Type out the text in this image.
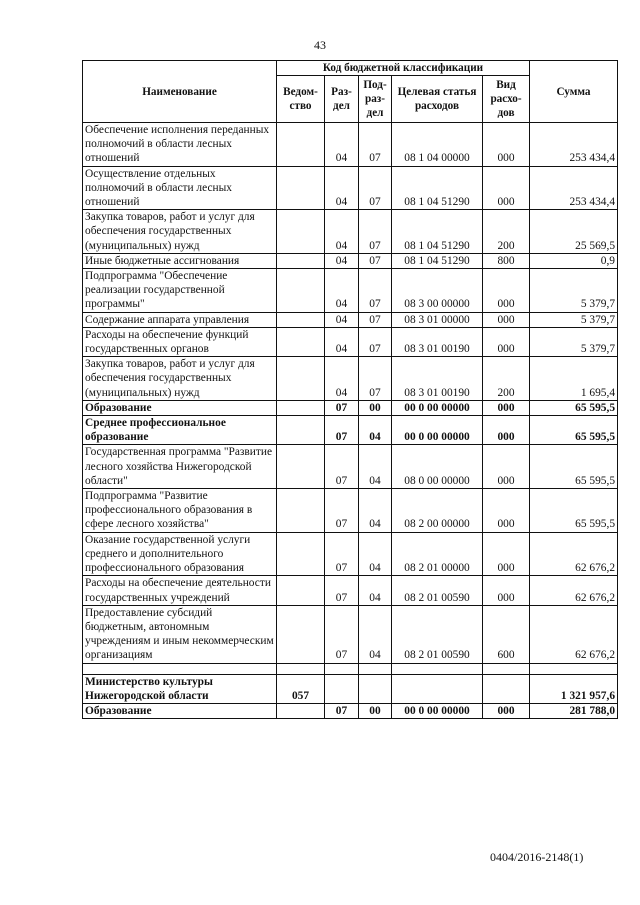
43
Наименование	Код бюджетной классификации					Сумма
	Ведом-ство	Раз-дел	Под-раз-дел	Целевая статья расходов	Вид расхо-дов	
Обеспечение исполнения переданных полномочий в области лесных отношений		04	07	08 1 04 00000	000	253 434,4
Осуществление отдельных полномочий в области лесных отношений		04	07	08 1 04 51290	000	253 434,4
Закупка товаров, работ и услуг для обеспечения государственных (муниципальных) нужд		04	07	08 1 04 51290	200	25 569,5
Иные бюджетные ассигнования		04	07	08 1 04 51290	800	0,9
Подпрограмма "Обеспечение реализации государственной программы"		04	07	08 3 00 00000	000	5 379,7
Содержание аппарата управления		04	07	08 3 01 00000	000	5 379,7
Расходы на обеспечение функций государственных органов		04	07	08 3 01 00190	000	5 379,7
Закупка товаров, работ и услуг для обеспечения государственных (муниципальных) нужд		04	07	08 3 01 00190	200	1 695,4
Образование		07	00	00 0 00 00000	000	65 595,5
Среднее профессиональное образование		07	04	00 0 00 00000	000	65 595,5
Государственная программа "Развитие лесного хозяйства Нижегородской области"		07	04	08 0 00 00000	000	65 595,5
Подпрограмма "Развитие профессионального образования в сфере лесного хозяйства"		07	04	08 2 00 00000	000	65 595,5
Оказание государственной услуги среднего и дополнительного профессионального образования		07	04	08 2 01 00000	000	62 676,2
Расходы на обеспечение деятельности государственных учреждений		07	04	08 2 01 00590	000	62 676,2
Предоставление субсидий бюджетным, автономным учреждениям и иным некоммерческим организациям		07	04	08 2 01 00590	600	62 676,2

Министерство культуры Нижегородской области	057					1 321 957,6
Образование		07	00	00 0 00 00000	000	281 788,0
0404/2016-2148(1)
